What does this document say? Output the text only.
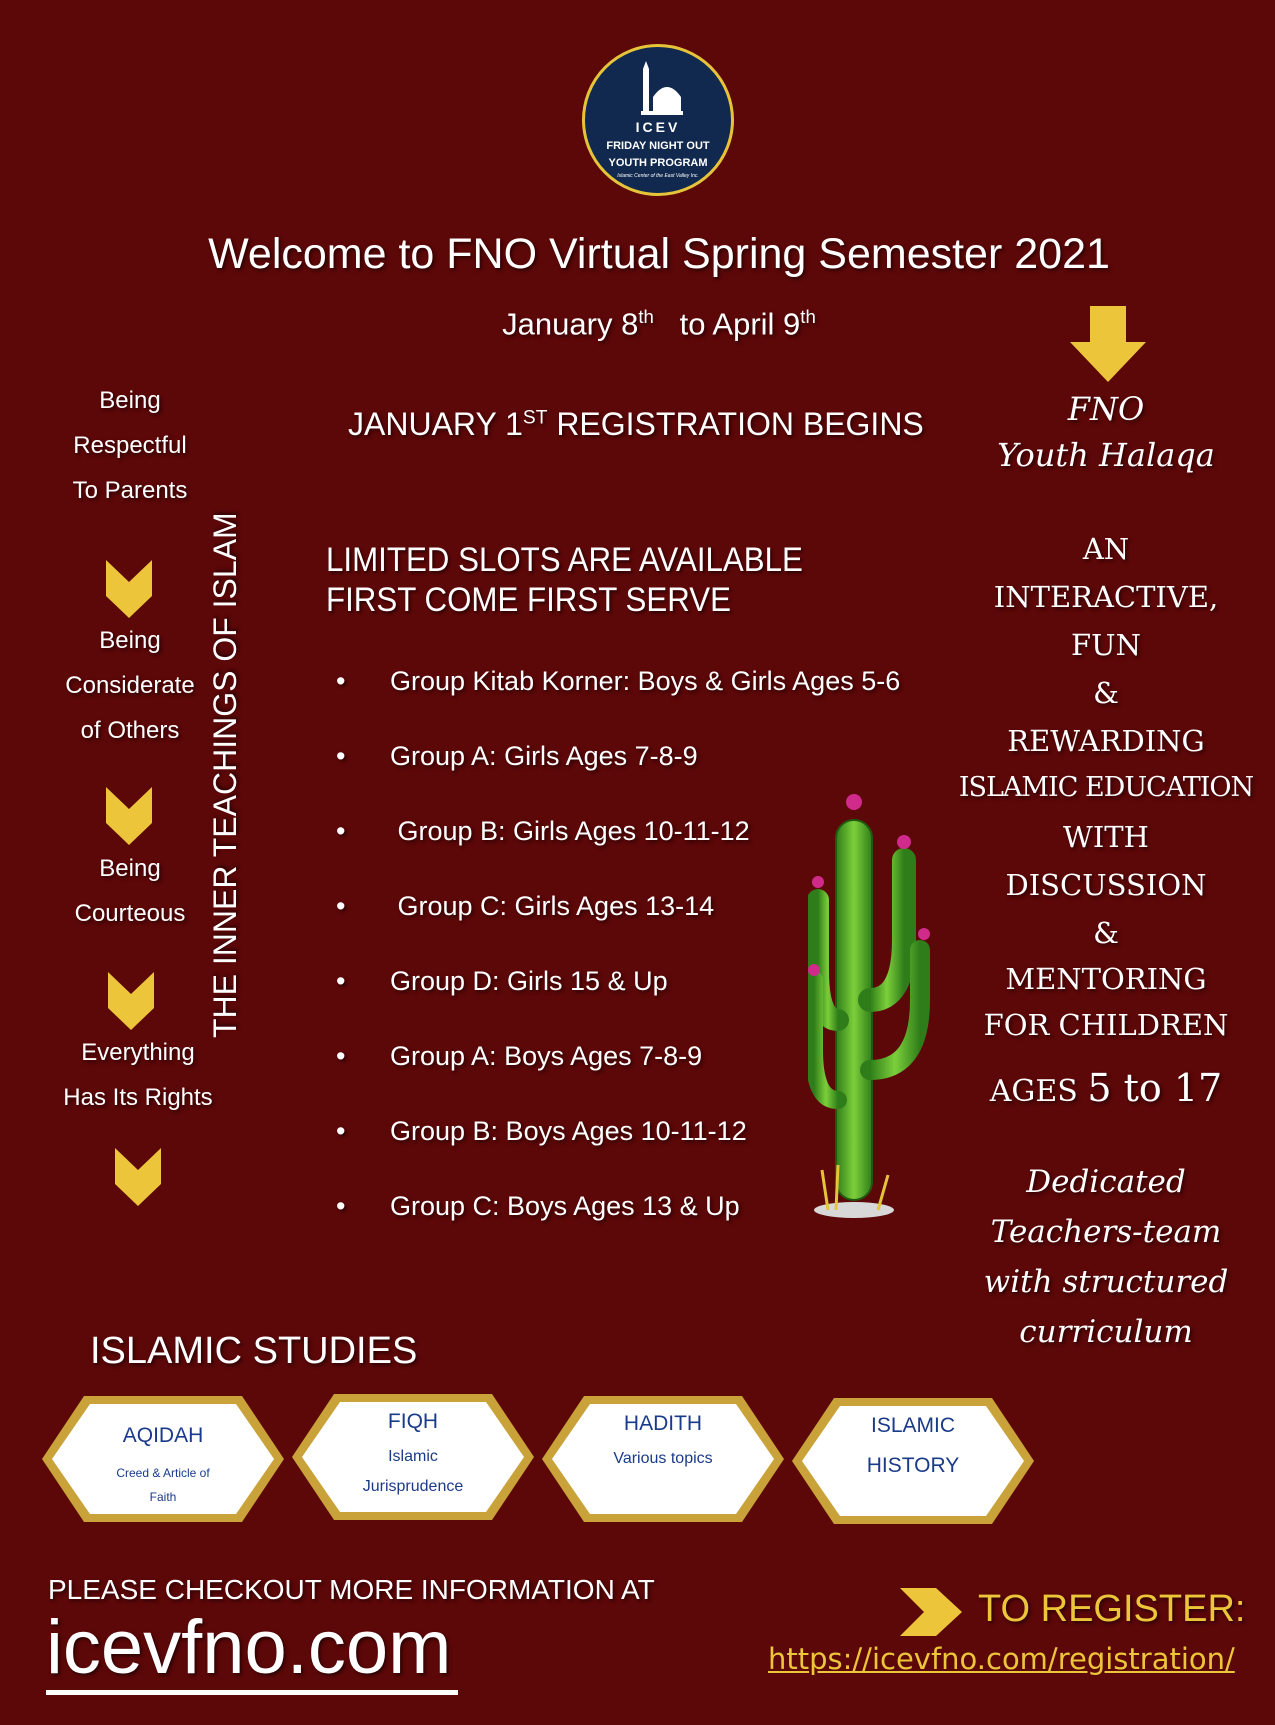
ICEV
FRIDAY NIGHT OUT
YOUTH PROGRAM
Islamic Center of the East Valley Inc.
Welcome to FNO Virtual Spring Semester 2021
January 8th to April 9th
JANUARY 1ST REGISTRATION BEGINS
LIMITED SLOTS ARE AVAILABLE
FIRST COME FIRST SERVE
• Group Kitab Korner: Boys & Girls Ages 5-6
• Group A: Girls Ages 7-8-9
• Group B: Girls Ages 10-11-12
• Group C: Girls Ages 13-14
• Group D: Girls 15 & Up
• Group A: Boys Ages 7-8-9
• Group B: Boys Ages 10-11-12
• Group C: Boys Ages 13 & Up
Being
Respectful
To Parents
Being
Considerate
of Others
Being
Courteous
Everything
Has Its Rights
THE INNER TEACHINGS OF ISLAM
FNO
Youth Halaqa
AN
INTERACTIVE,
FUN
&
REWARDING
ISLAMIC EDUCATION
WITH
DISCUSSION
&
MENTORING
FOR CHILDREN
AGES 5 to 17
Dedicated
Teachers-team
with structured
curriculum
ISLAMIC STUDIES
AQIDAH
Creed & Article of
Faith
FIQH
Islamic
Jurisprudence
HADITH
Various topics
ISLAMIC
HISTORY
PLEASE CHECKOUT MORE INFORMATION AT
icevfno.com	TO REGISTER:
https://icevfno.com/registration/
